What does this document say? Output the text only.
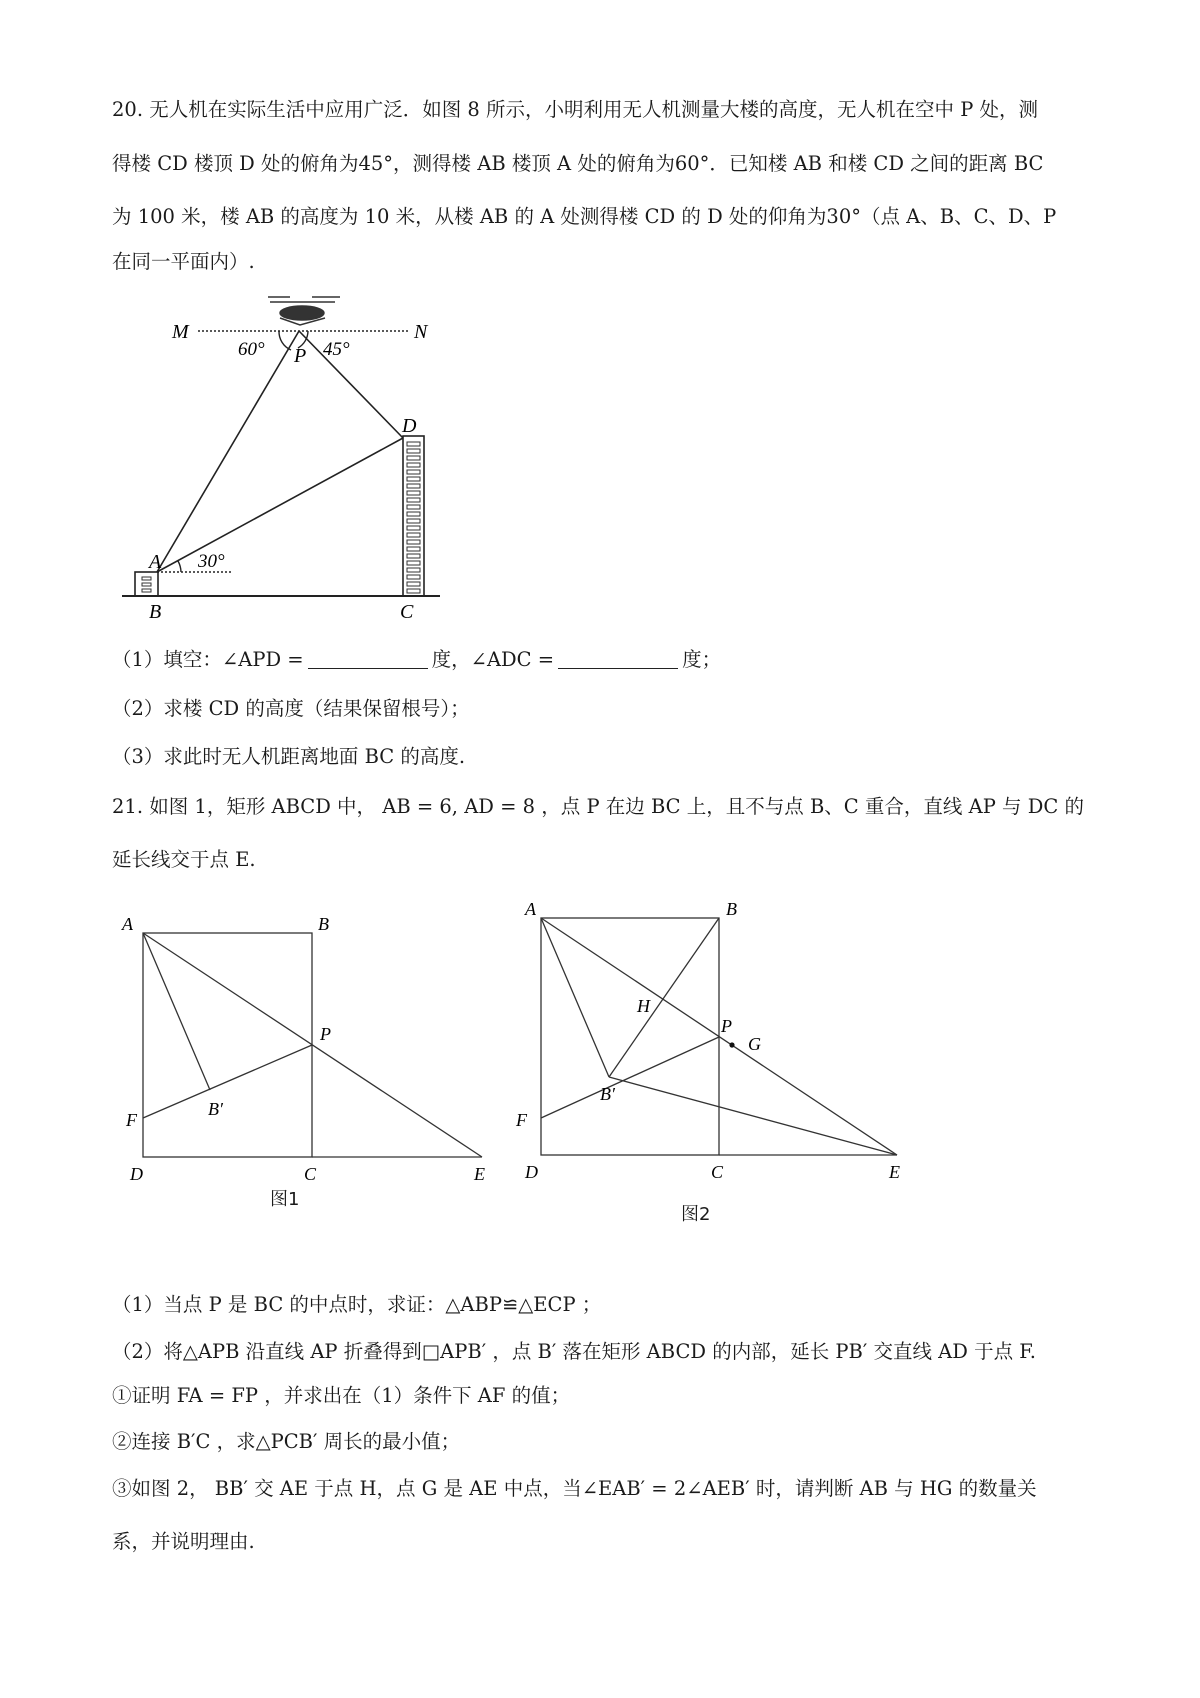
20. 无人机在实际生活中应用广泛．如图 8 所示，小明利用无人机测量大楼的高度，无人机在空中 P 处，测
得楼 CD 楼顶 D 处的俯角为45°，测得楼 AB 楼顶 A 处的俯角为60°．已知楼 AB 和楼 CD 之间的距离 BC
为 100 米，楼 AB 的高度为 10 米，从楼 AB 的 A 处测得楼 CD 的 D 处的仰角为30°（点 A、B、C、D、P
在同一平面内）.
M	N
60°	45°
P
30°
A
B
D
C
A	B
P
B′
F
D	C	E
A	B
H
P
G
B′
F
D	C	E
（1）填空：∠APD =	度，∠ADC =	度；
（2）求楼 CD 的高度（结果保留根号）；
（3）求此时无人机距离地面 BC 的高度.
21. 如图 1，矩形 ABCD 中， AB = 6, AD = 8 ，点 P 在边 BC 上，且不与点 B、C 重合，直线 AP 与 DC 的
延长线交于点 E.
图1
图2
（1）当点 P 是 BC 的中点时，求证：△ABP≌△ECP ；
（2）将△APB 沿直线 AP 折叠得到□APB′ ，点 B′ 落在矩形 ABCD 的内部，延长 PB′ 交直线 AD 于点 F.
①证明 FA = FP ，并求出在（1）条件下 AF 的值；
②连接 B′C ，求△PCB′ 周长的最小值；
③如图 2， BB′ 交 AE 于点 H，点 G 是 AE 中点，当∠EAB′ = 2∠AEB′ 时，请判断 AB 与 HG 的数量关
系，并说明理由.
